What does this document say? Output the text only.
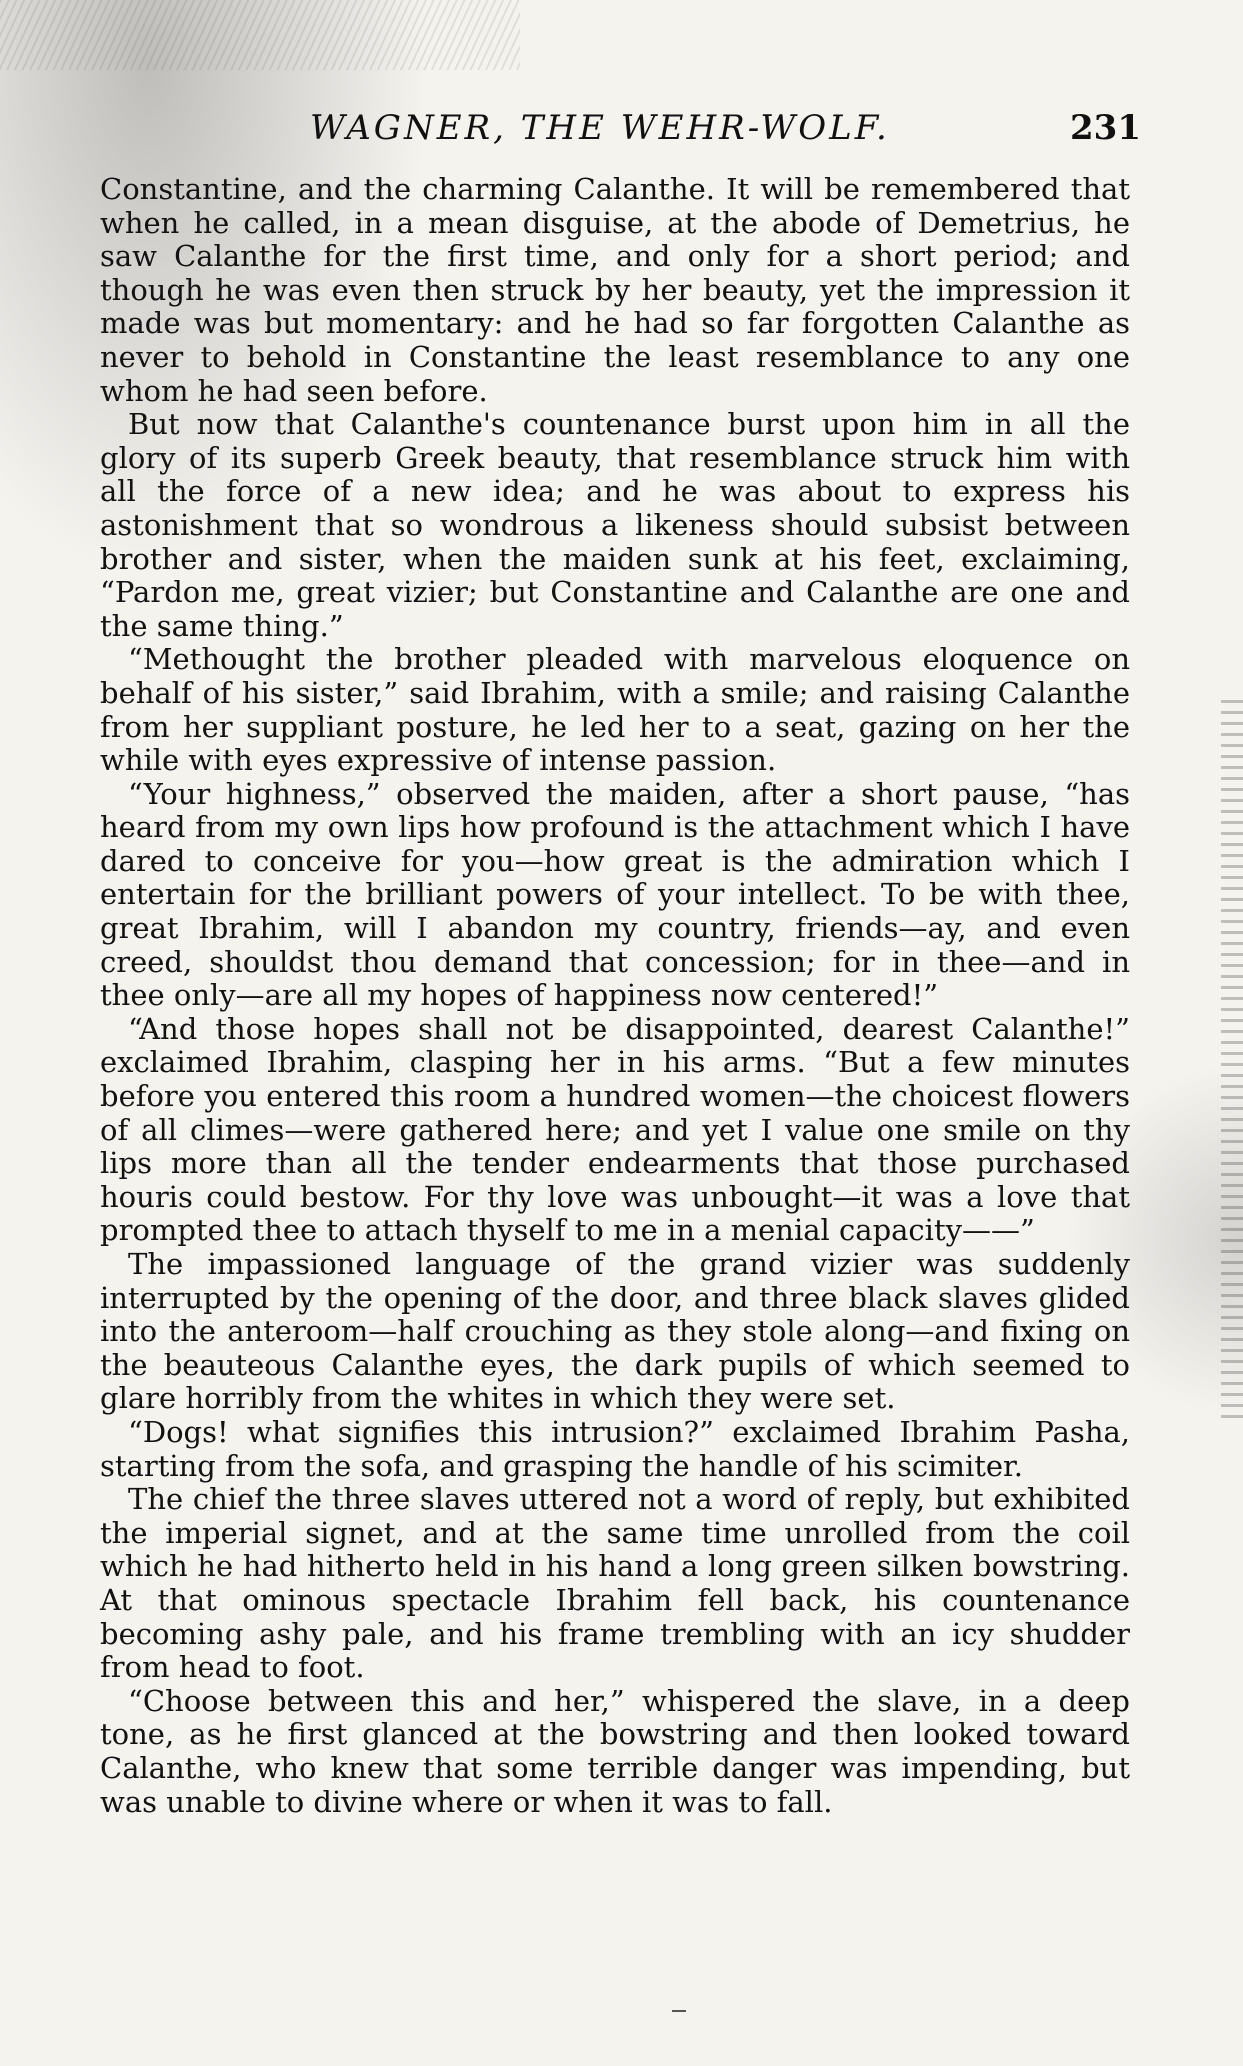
WAGNER, THE WEHR-WOLF.	231

Constantine, and the charming Calanthe. It will be remembered that when he called, in a mean disguise, at the abode of Demetrius, he saw Calanthe for the first time, and only for a short period; and though he was even then struck by her beauty, yet the impression it made was but momentary: and he had so far forgotten Calanthe as never to behold in Constantine the least resemblance to any one whom he had seen before.

But now that Calanthe's countenance burst upon him in all the glory of its superb Greek beauty, that resemblance struck him with all the force of a new idea; and he was about to express his astonishment that so wondrous a likeness should subsist between brother and sister, when the maiden sunk at his feet, exclaiming, “Pardon me, great vizier; but Constantine and Calanthe are one and the same thing.”

“Methought the brother pleaded with marvelous eloquence on behalf of his sister,” said Ibrahim, with a smile; and raising Calanthe from her suppliant posture, he led her to a seat, gazing on her the while with eyes expressive of intense passion.

“Your highness,” observed the maiden, after a short pause, “has heard from my own lips how profound is the attachment which I have dared to conceive for you—how great is the admiration which I entertain for the brilliant powers of your intellect. To be with thee, great Ibrahim, will I abandon my country, friends—ay, and even creed, shouldst thou demand that concession; for in thee—and in thee only—are all my hopes of happiness now centered!”

“And those hopes shall not be disappointed, dearest Calanthe!” exclaimed Ibrahim, clasping her in his arms. “But a few minutes before you entered this room a hundred women—the choicest flowers of all climes—were gathered here; and yet I value one smile on thy lips more than all the tender endearments that those purchased houris could bestow. For thy love was unbought—it was a love that prompted thee to attach thyself to me in a menial capacity——”

The impassioned language of the grand vizier was suddenly interrupted by the opening of the door, and three black slaves glided into the anteroom—half crouching as they stole along—and fixing on the beauteous Calanthe eyes, the dark pupils of which seemed to glare horribly from the whites in which they were set.

“Dogs! what signifies this intrusion?” exclaimed Ibrahim Pasha, starting from the sofa, and grasping the handle of his scimiter.

The chief the three slaves uttered not a word of reply, but exhibited the imperial signet, and at the same time unrolled from the coil which he had hitherto held in his hand a long green silken bowstring. At that ominous spectacle Ibrahim fell back, his countenance becoming ashy pale, and his frame trembling with an icy shudder from head to foot.

“Choose between this and her,” whispered the slave, in a deep tone, as he first glanced at the bowstring and then looked toward Calanthe, who knew that some terrible danger was impending, but was unable to divine where or when it was to fall.
